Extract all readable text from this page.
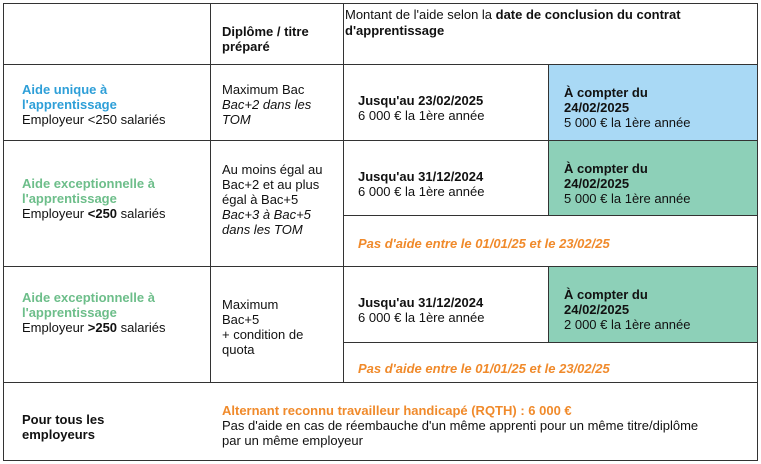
Diplôme / titre préparé
Montant de l'aide selon la date de conclusion du contrat d'apprentissage
Aide unique à l'apprentissage
Employeur <250 salariés
Maximum Bac
Bac+2 dans les TOM
Jusqu'au 23/02/2025
6 000 € la 1ère année
À compter du 24/02/2025
5 000 € la 1ère année
Aide exceptionnelle à l'apprentissage
Employeur <250 salariés
Au moins égal au Bac+2 et au plus égal à Bac+5
Bac+3 à Bac+5 dans les TOM
Jusqu'au 31/12/2024
6 000 € la 1ère année
À compter du 24/02/2025
5 000 € la 1ère année
Pas d'aide entre le 01/01/25 et le 23/02/25
Aide exceptionnelle à l'apprentissage
Employeur >250 salariés
Maximum Bac+5
+ condition de quota
Jusqu'au 31/12/2024
6 000 € la 1ère année
À compter du 24/02/2025
2 000 € la 1ère année
Pas d'aide entre le 01/01/25 et le 23/02/25
Pour tous les employeurs
Alternant reconnu travailleur handicapé (RQTH) : 6 000 €
Pas d'aide en cas de réembauche d'un même apprenti pour un même titre/diplôme par un même employeur
